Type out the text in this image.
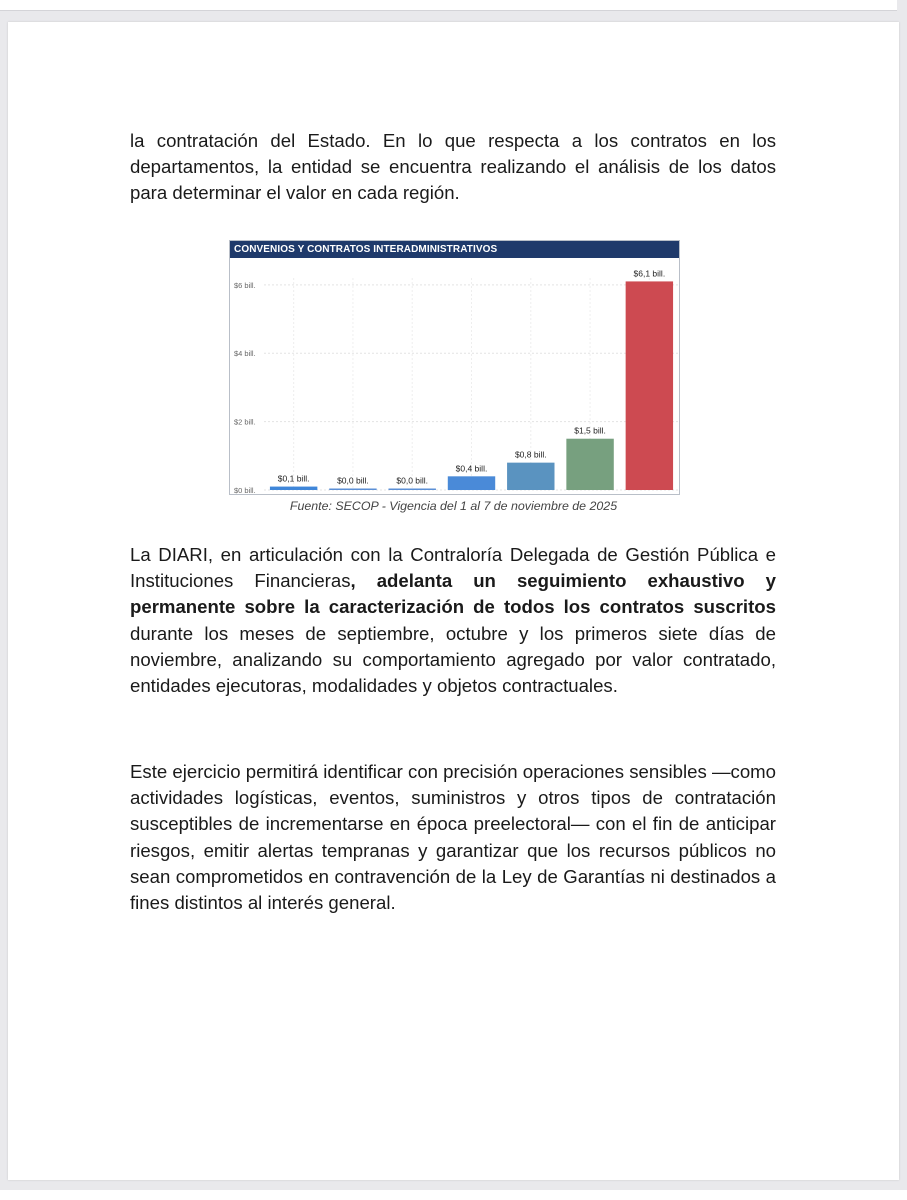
la contratación del Estado. En lo que respecta a los contratos en los departamentos, la entidad se encuentra realizando el análisis de los datos para determinar el valor en cada región.

CONVENIOS Y CONTRATOS INTERADMINISTRATIVOS
$0 bill.
$2 bill.
$4 bill.
$6 bill.
$0,1 bill.	$0,0 bill.	$0,0 bill.
$0,4 bill.
$0,8 bill.
$1,5 bill.
$6,1 bill.
Fuente: SECOP - Vigencia del 1 al 7 de noviembre de 2025

La DIARI, en articulación con la Contraloría Delegada de Gestión Pública e Instituciones Financieras, adelanta un seguimiento exhaustivo y permanente sobre la caracterización de todos los contratos suscritos durante los meses de septiembre, octubre y los primeros siete días de noviembre, analizando su comportamiento agregado por valor contratado, entidades ejecutoras, modalidades y objetos contractuales.

Este ejercicio permitirá identificar con precisión operaciones sensibles —como actividades logísticas, eventos, suministros y otros tipos de contratación susceptibles de incrementarse en época preelectoral— con el fin de anticipar riesgos, emitir alertas tempranas y garantizar que los recursos públicos no sean comprometidos en contravención de la Ley de Garantías ni destinados a fines distintos al interés general.
